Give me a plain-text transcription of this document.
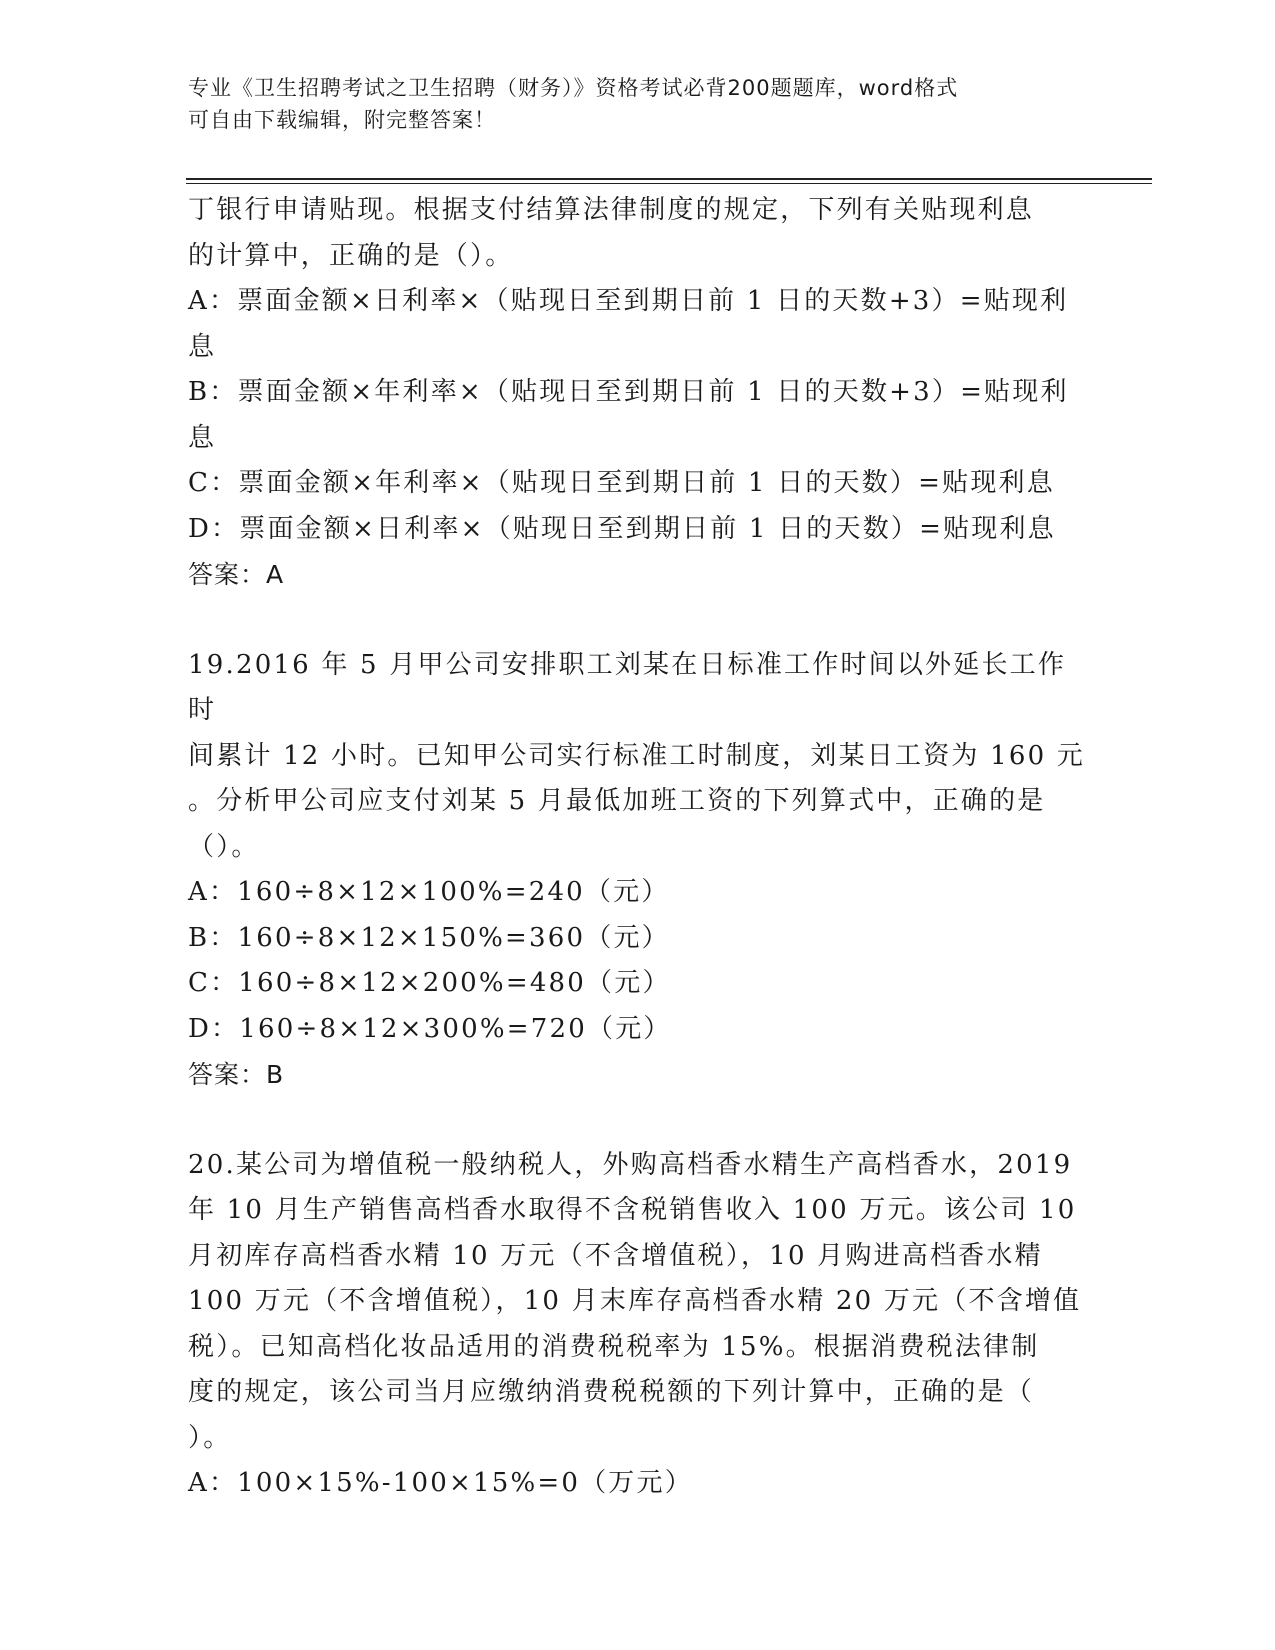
专业《卫生招聘考试之卫生招聘（财务）》资格考试必背200题题库，word格式
可自由下载编辑，附完整答案！

丁银行申请贴现。根据支付结算法律制度的规定，下列有关贴现利息

的计算中，正确的是（）。

A：票面金额×日利率×（贴现日至到期日前 1 日的天数+3）=贴现利

息

B：票面金额×年利率×（贴现日至到期日前 1 日的天数+3）=贴现利

息

C：票面金额×年利率×（贴现日至到期日前 1 日的天数）=贴现利息

D：票面金额×日利率×（贴现日至到期日前 1 日的天数）=贴现利息

答案：A

19.2016 年 5 月甲公司安排职工刘某在日标准工作时间以外延长工作时

间累计 12 小时。已知甲公司实行标准工时制度，刘某日工资为 160 元

。分析甲公司应支付刘某 5 月最低加班工资的下列算式中，正确的是

（）。

A：160÷8×12×100%=240（元）

B：160÷8×12×150%=360（元）

C：160÷8×12×200%=480（元）

D：160÷8×12×300%=720（元）

答案：B

20.某公司为增值税一般纳税人，外购高档香水精生产高档香水，2019

年 10 月生产销售高档香水取得不含税销售收入 100 万元。该公司 10

月初库存高档香水精 10 万元（不含增值税），10 月购进高档香水精

100 万元（不含增值税），10 月末库存高档香水精 20 万元（不含增值

税）。已知高档化妆品适用的消费税税率为 15%。根据消费税法律制

度的规定，该公司当月应缴纳消费税税额的下列计算中，正确的是（

）。

A：100×15%-100×15%=0（万元）
